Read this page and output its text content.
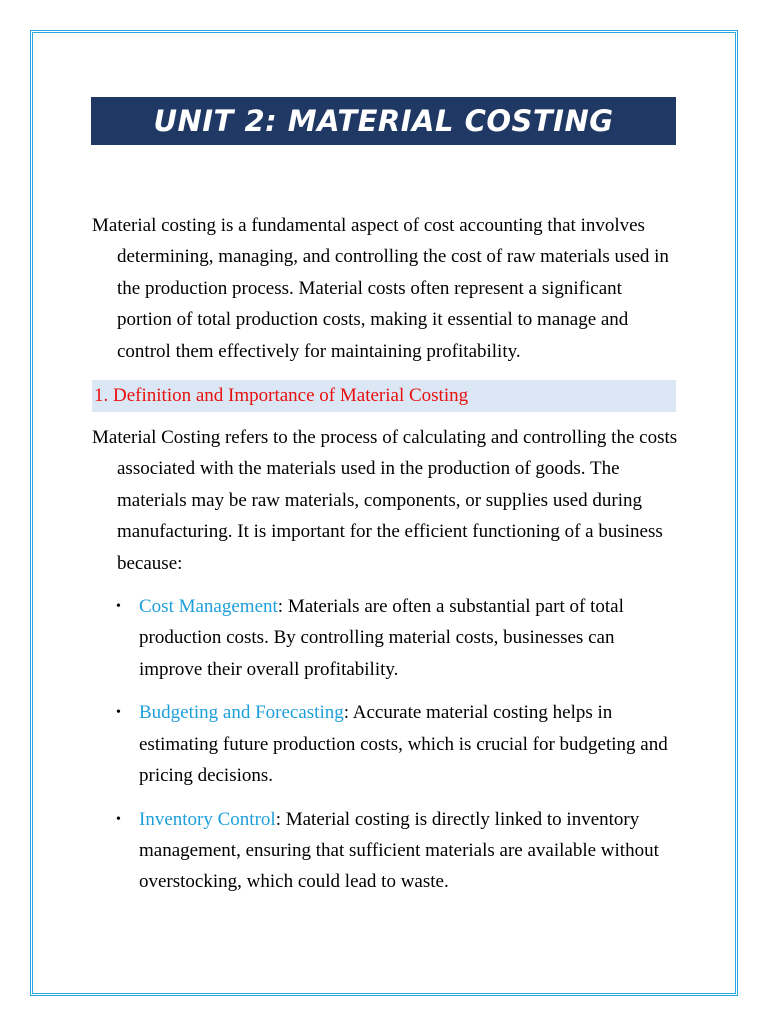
UNIT 2: MATERIAL COSTING

Material costing is a fundamental aspect of cost accounting that involves determining, managing, and controlling the cost of raw materials used in the production process. Material costs often represent a significant portion of total production costs, making it essential to manage and control them effectively for maintaining profitability.

1. Definition and Importance of Material Costing

Material Costing refers to the process of calculating and controlling the costs associated with the materials used in the production of goods. The materials may be raw materials, components, or supplies used during manufacturing. It is important for the efficient functioning of a business because:

• Cost Management: Materials are often a substantial part of total production costs. By controlling material costs, businesses can improve their overall profitability.
• Budgeting and Forecasting: Accurate material costing helps in estimating future production costs, which is crucial for budgeting and pricing decisions.
• Inventory Control: Material costing is directly linked to inventory management, ensuring that sufficient materials are available without overstocking, which could lead to waste.
